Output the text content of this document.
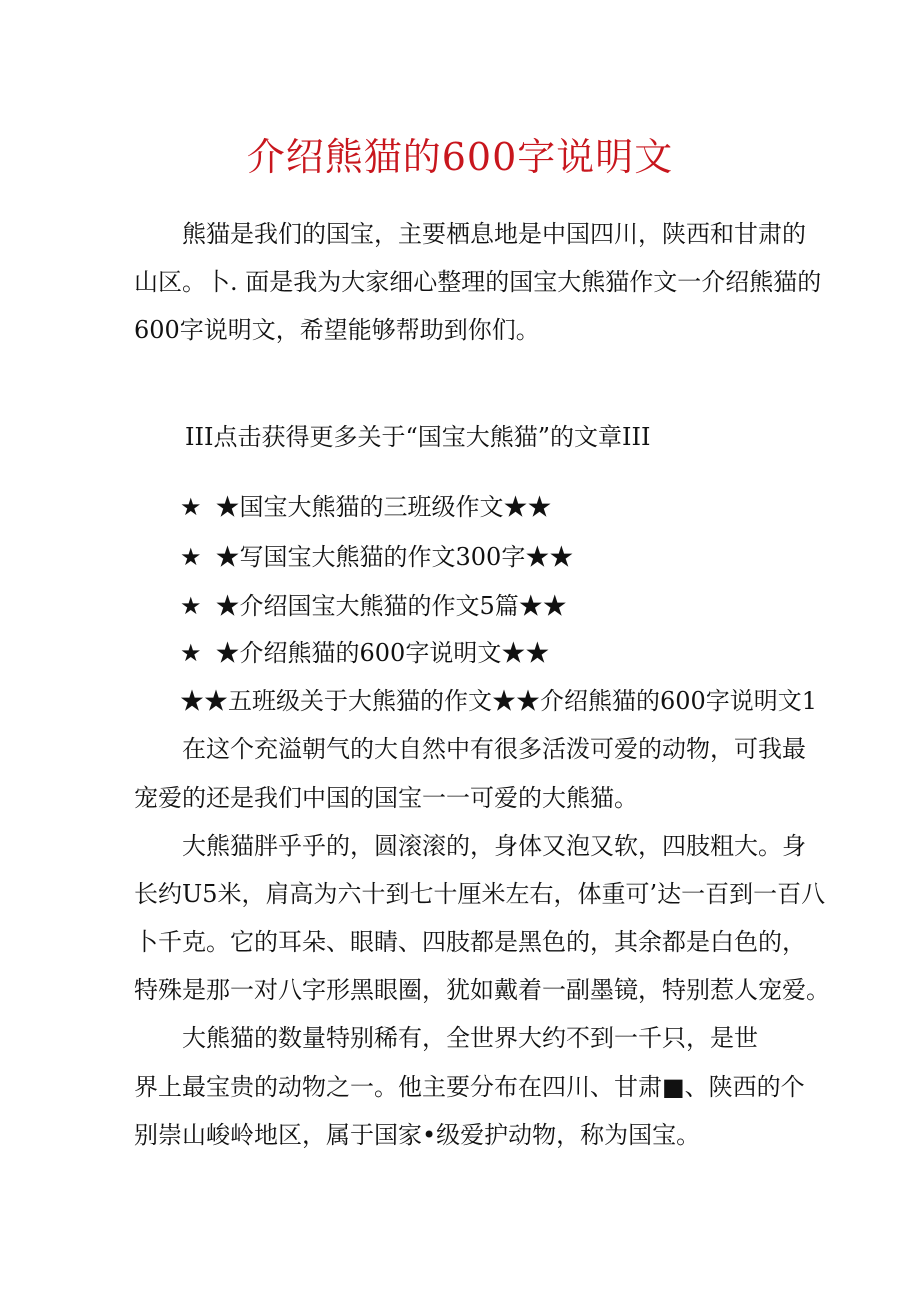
介绍熊猫的600字说明文

熊猫是我们的国宝，主要栖息地是中国四川，陕西和甘肃的

山区。卜. 面是我为大家细心整理的国宝大熊猫作文一介绍熊猫的

600字说明文，希望能够帮助到你们。

III点击获得更多关于“国宝大熊猫”的文章III

★ ★国宝大熊猫的三班级作文★★

★ ★写国宝大熊猫的作文300字★★

★ ★介绍国宝大熊猫的作文5篇★★

★ ★介绍熊猫的600字说明文★★

★★五班级关于大熊猫的作文★★介绍熊猫的600字说明文1

在这个充溢朝气的大自然中有很多活泼可爱的动物，可我最

宠爱的还是我们中国的国宝一一可爱的大熊猫。

大熊猫胖乎乎的，圆滚滚的，身体又泡又软，四肢粗大。身

长约U5米，肩高为六十到七十厘米左右，体重可’达一百到一百八

卜千克。它的耳朵、眼睛、四肢都是黑色的，其余都是白色的，

特殊是那一对八字形黑眼圈，犹如戴着一副墨镜，特别惹人宠爱。

大熊猫的数量特别稀有，全世界大约不到一千只，是世

界上最宝贵的动物之一。他主要分布在四川、甘肃■、陕西的个

别崇山峻岭地区，属于国家•级爱护动物，称为国宝。
